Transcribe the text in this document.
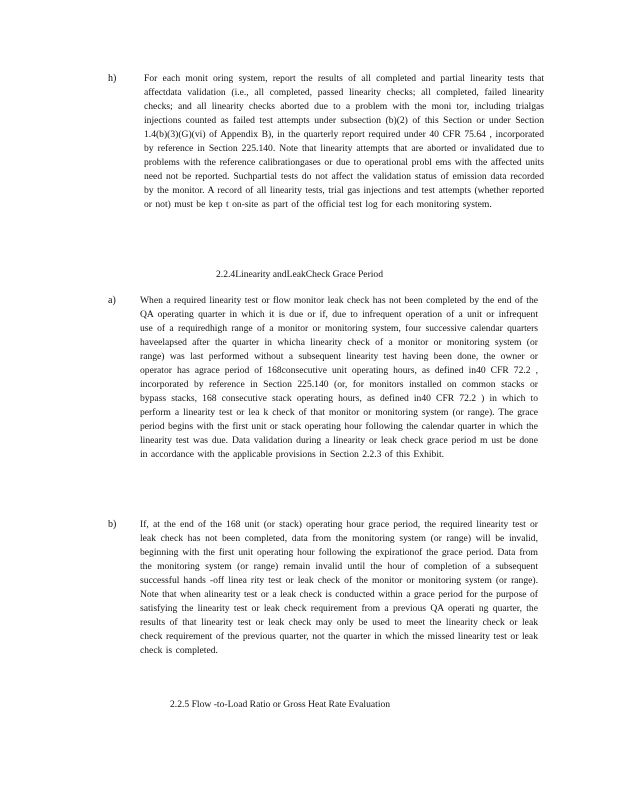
h)	For each monit oring system, report the results of all completed and partial linearity tests that affectdata validation (i.e., all completed, passed linearity checks; all completed, failed linearity checks; and all linearity checks aborted due to a problem with the moni tor, including trialgas injections counted as failed test attempts under subsection (b)(2) of this Section or under Section 1.4(b)(3)(G)(vi) of Appendix B), in the quarterly report required under 40 CFR 75.64 , incorporated by reference in Section 225.140. Note that linearity attempts that are aborted or invalidated due to problems with the reference calibrationgases or due to operational probl ems with the affected units need not be reported. Suchpartial tests do not affect the validation status of emission data recorded by the monitor. A record of all linearity tests, trial gas injections and test attempts (whether reported or not) must be kep t on-site as part of the official test log for each monitoring system.

2.2.4Linearity andLeakCheck Grace Period

a)	When a required linearity test or flow monitor leak check has not been completed by the end of the QA operating quarter in which it is due or if, due to infrequent operation of a unit or infrequent use of a requiredhigh range of a monitor or monitoring system, four successive calendar quarters haveelapsed after the quarter in whicha linearity check of a monitor or monitoring system (or range) was last performed without a subsequent linearity test having been done, the owner or operator has agrace period of 168consecutive unit operating hours, as defined in40 CFR 72.2 , incorporated by reference in Section 225.140 (or, for monitors installed on common stacks or bypass stacks, 168 consecutive stack operating hours, as defined in40 CFR 72.2 ) in which to perform a linearity test or lea k check of that monitor or monitoring system (or range). The grace period begins with the first unit or stack operating hour following the calendar quarter in which the linearity test was due. Data validation during a linearity or leak check grace period m ust be done in accordance with the applicable provisions in Section 2.2.3 of this Exhibit.

b) If, at the end of the 168 unit (or stack) operating hour grace period, the required linearity test or leak check has not been completed, data from the monitoring system (or range) will be invalid, beginning with the first unit operating hour following the expirationof the grace period. Data from the monitoring system (or range) remain invalid until the hour of completion of a subsequent successful hands -off linea rity test or leak check of the monitor or monitoring system (or range). Note that when alinearity test or a leak check is conducted within a grace period for the purpose of satisfying the linearity test or leak check requirement from a previous QA operati ng quarter, the results of that linearity test or leak check may only be used to meet the linearity check or leak check requirement of the previous quarter, not the quarter in which the missed linearity test or leak check is completed.

2.2.5 Flow -to-Load Ratio or Gross Heat Rate Evaluation
